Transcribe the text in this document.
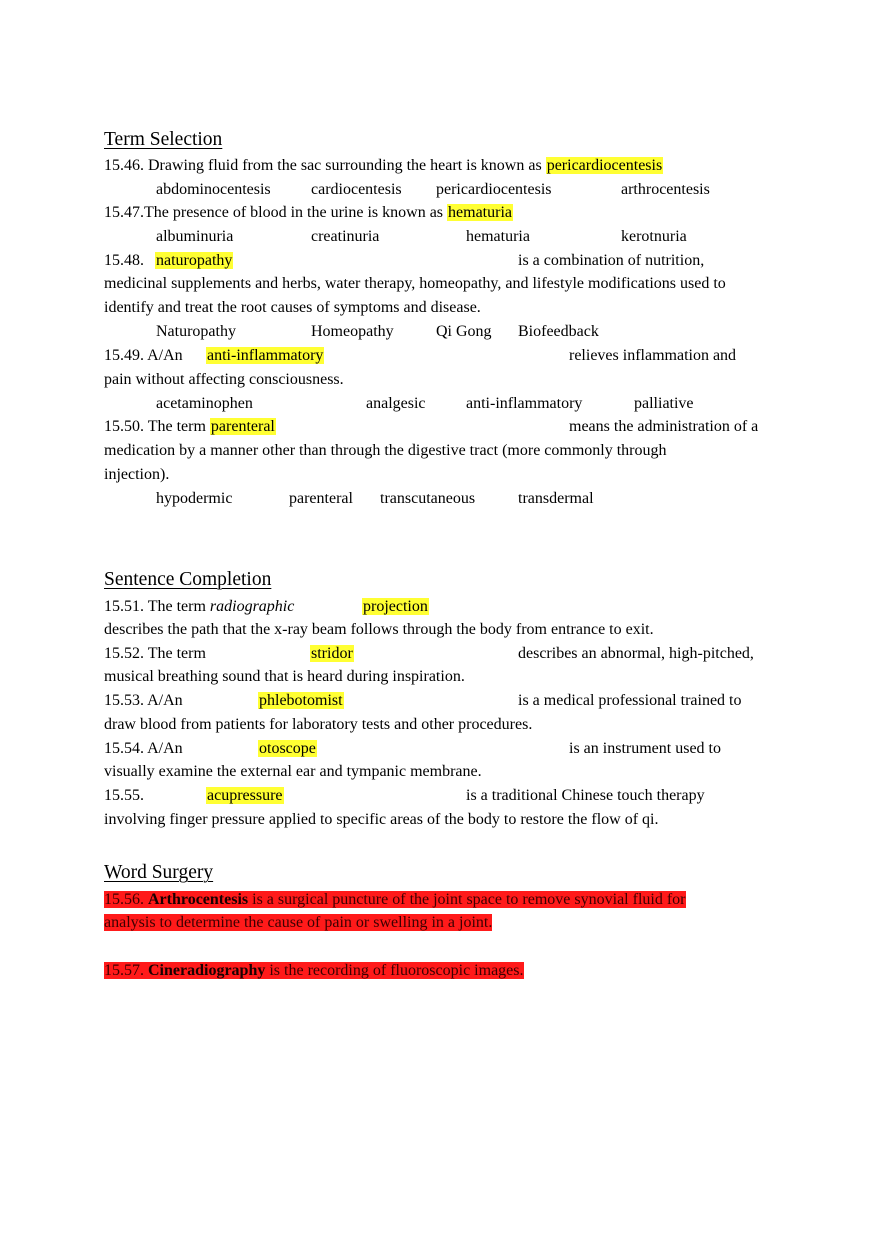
Term Selection
15.46. Drawing fluid from the sac surrounding the heart is known as pericardiocentesis
abdominocentesis	cardiocentesis pericardiocentesis	arthrocentesis
15.47.The presence of blood in the urine is known as hematuria
albuminuria	creatinuria	hematuria	kerotnuria
15.48. naturopathy	is a combination of nutrition,
medicinal supplements and herbs, water therapy, homeopathy, and lifestyle modifications used to
identify and treat the root causes of symptoms and disease.
Naturopathy	Homeopathy	Qi Gong Biofeedback
15.49. A/An anti-inflammatory	relieves inflammation and
pain without affecting consciousness.
acetaminophen	analgesic	anti-inflammatory	palliative
15.50. The term parenteral	means the administration of a
medication by a manner other than through the digestive tract (more commonly through
injection).
hypodermic	parenteral transcutaneous	transdermal
Sentence Completion
15.51. The term radiographic	projection
describes the path that the x-ray beam follows through the body from entrance to exit.
15.52. The term	stridor	describes an abnormal, high-pitched,
musical breathing sound that is heard during inspiration.
15.53. A/An	phlebotomist	is a medical professional trained to
draw blood from patients for laboratory tests and other procedures.
15.54. A/An	otoscope	is an instrument used to
visually examine the external ear and tympanic membrane.
15.55.	acupressure	is a traditional Chinese touch therapy
involving finger pressure applied to specific areas of the body to restore the flow of qi.
Word Surgery
15.56. Arthrocentesis is a surgical puncture of the joint space to remove synovial fluid for
analysis to determine the cause of pain or swelling in a joint.
15.57. Cineradiography is the recording of fluoroscopic images.
